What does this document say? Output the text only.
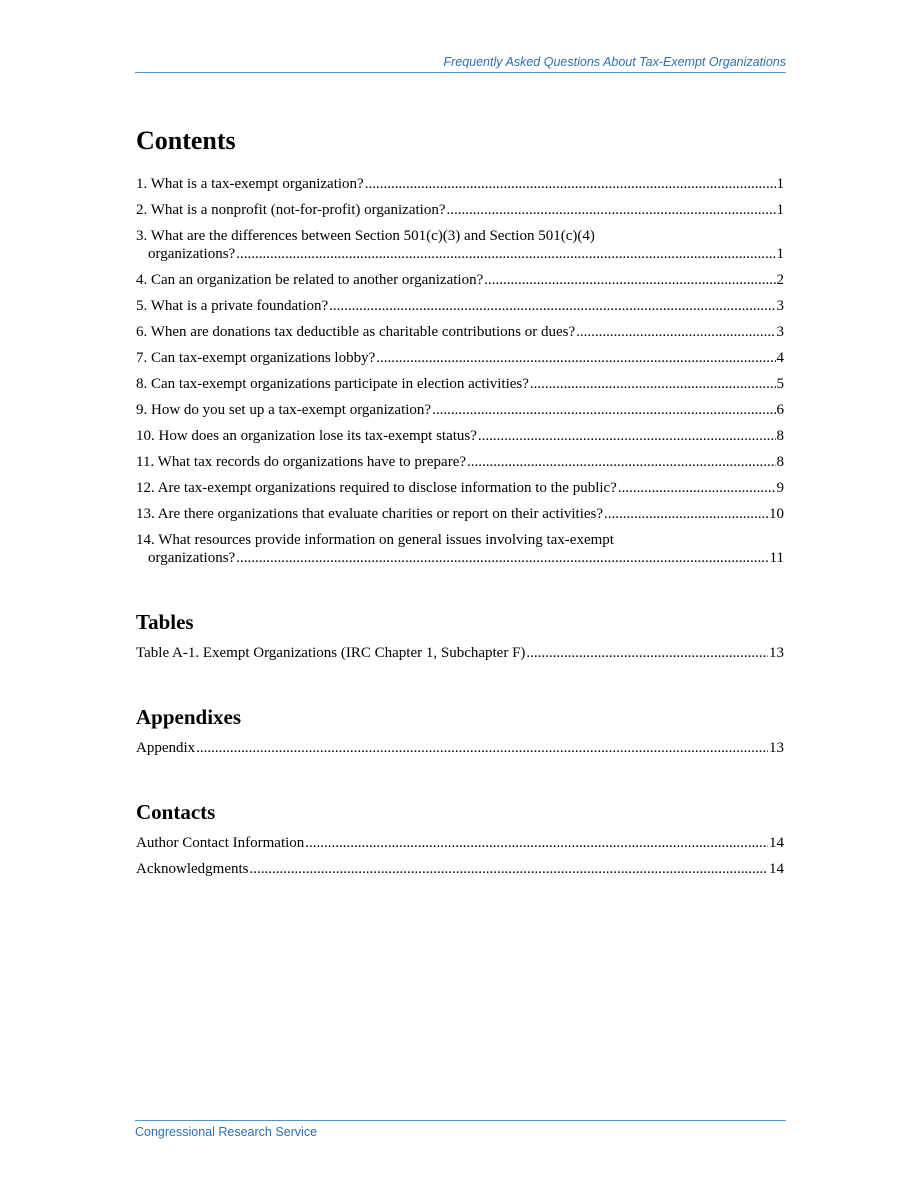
Frequently Asked Questions About Tax-Exempt Organizations
Contents
1. What is a tax-exempt organization? .....	1
2. What is a nonprofit (not-for-profit) organization? .....	1
3. What are the differences between Section 501(c)(3) and Section 501(c)(4)
organizations? .....	1
4. Can an organization be related to another organization? .....	2
5. What is a private foundation? .....	3
6. When are donations tax deductible as charitable contributions or dues? .....	3
7. Can tax-exempt organizations lobby? .....	4
8. Can tax-exempt organizations participate in election activities? .....	5
9. How do you set up a tax-exempt organization? .....	6
10. How does an organization lose its tax-exempt status? .....	8
11. What tax records do organizations have to prepare? .....	8
12. Are tax-exempt organizations required to disclose information to the public? .....	9
13. Are there organizations that evaluate charities or report on their activities? .....	10
14. What resources provide information on general issues involving tax-exempt
organizations? .....	11
Tables
Table A-1. Exempt Organizations (IRC Chapter 1, Subchapter F) .....	13
Appendixes
Appendix .....	13
Contacts
Author Contact Information .....	14
Acknowledgments .....	14
Congressional Research Service
